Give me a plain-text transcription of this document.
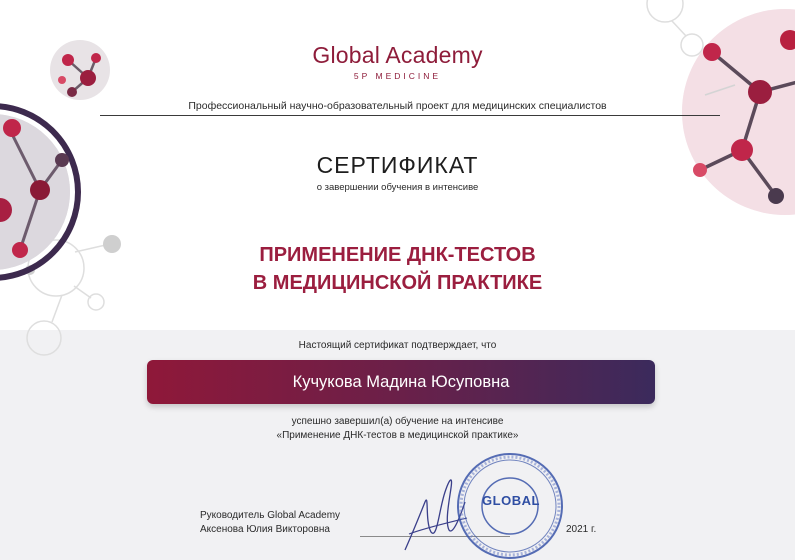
Global Academy
5P MEDICINE
Профессиональный научно-образовательный проект для медицинских специалистов
СЕРТИФИКАТ
о завершении обучения в интенсиве
ПРИМЕНЕНИЕ ДНК-ТЕСТОВ
В МЕДИЦИНСКОЙ ПРАКТИКЕ
Настоящий сертификат подтверждает, что
Кучукова Мадина Юсуповна
успешно завершил(а) обучение на интенсиве
«Применение ДНК-тестов в медицинской практике»
Руководитель Global Academy
Аксенова Юлия Викторовна	2021 г.
GLOBAL
